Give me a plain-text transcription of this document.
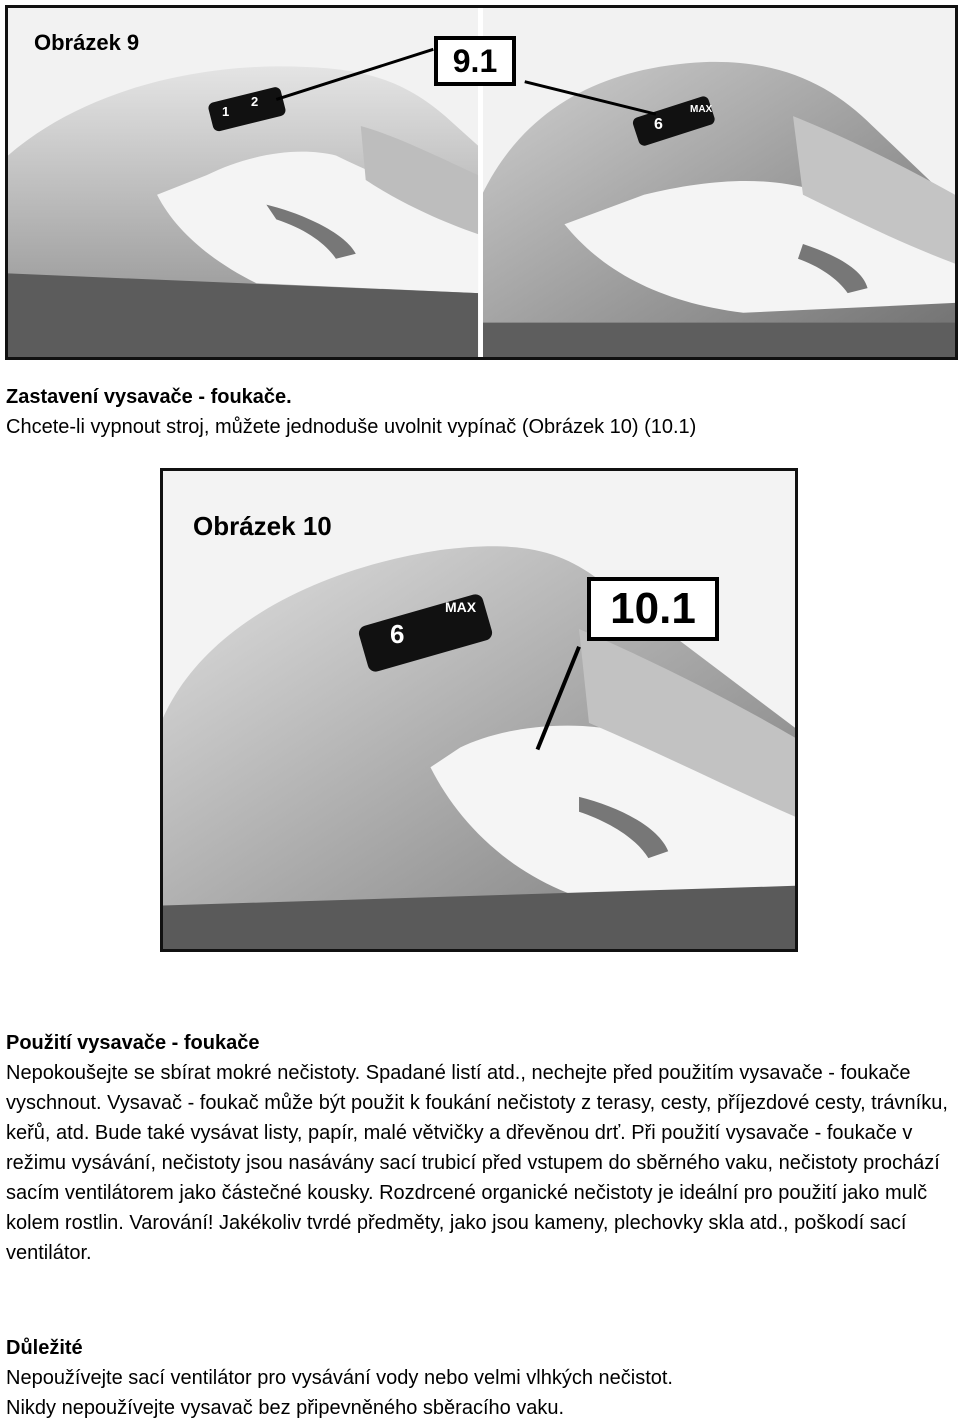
Obrázek 9
1
2
6
MAX
9.1

Zastavení vysavače - foukače.

Chcete-li vypnout stroj, můžete jednoduše uvolnit vypínač (Obrázek 10) (10.1)

Obrázek 10
6
MAX	10.1

Použití vysavače - foukače

Nepokoušejte se sbírat mokré nečistoty. Spadané listí atd., nechejte před použitím vysavače - foukače vyschnout. Vysavač - foukač může být použit k foukání nečistoty z terasy, cesty, příjezdové cesty, trávníku, keřů, atd. Bude také vysávat listy, papír, malé větvičky a dřevěnou drť. Při použití vysavače - foukače v režimu vysávání, nečistoty jsou nasávány sací trubicí před vstupem do sběrného vaku, nečistoty prochází sacím ventilátorem jako částečné kousky. Rozdrcené organické nečistoty je ideální pro použití jako mulč kolem rostlin. Varování! Jakékoliv tvrdé předměty, jako jsou kameny, plechovky skla atd., poškodí sací ventilátor.

Důležité

Nepoužívejte sací ventilátor pro vysávání vody nebo velmi vlhkých nečistot.

Nikdy nepoužívejte vysavač bez připevněného sběracího vaku.
